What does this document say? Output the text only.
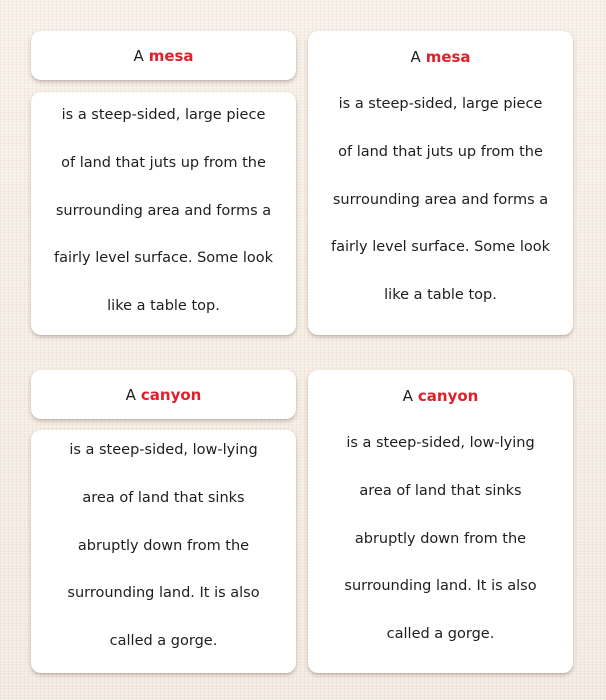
A mesa
is a steep-sided, large piece
of land that juts up from the
surrounding area and forms a
fairly level surface. Some look
like a table top.
A mesa
is a steep-sided, large piece
of land that juts up from the
surrounding area and forms a
fairly level surface. Some look
like a table top.
A canyon
is a steep-sided, low-lying
area of land that sinks
abruptly down from the
surrounding land. It is also
called a gorge.
A canyon
is a steep-sided, low-lying
area of land that sinks
abruptly down from the
surrounding land. It is also
called a gorge.
